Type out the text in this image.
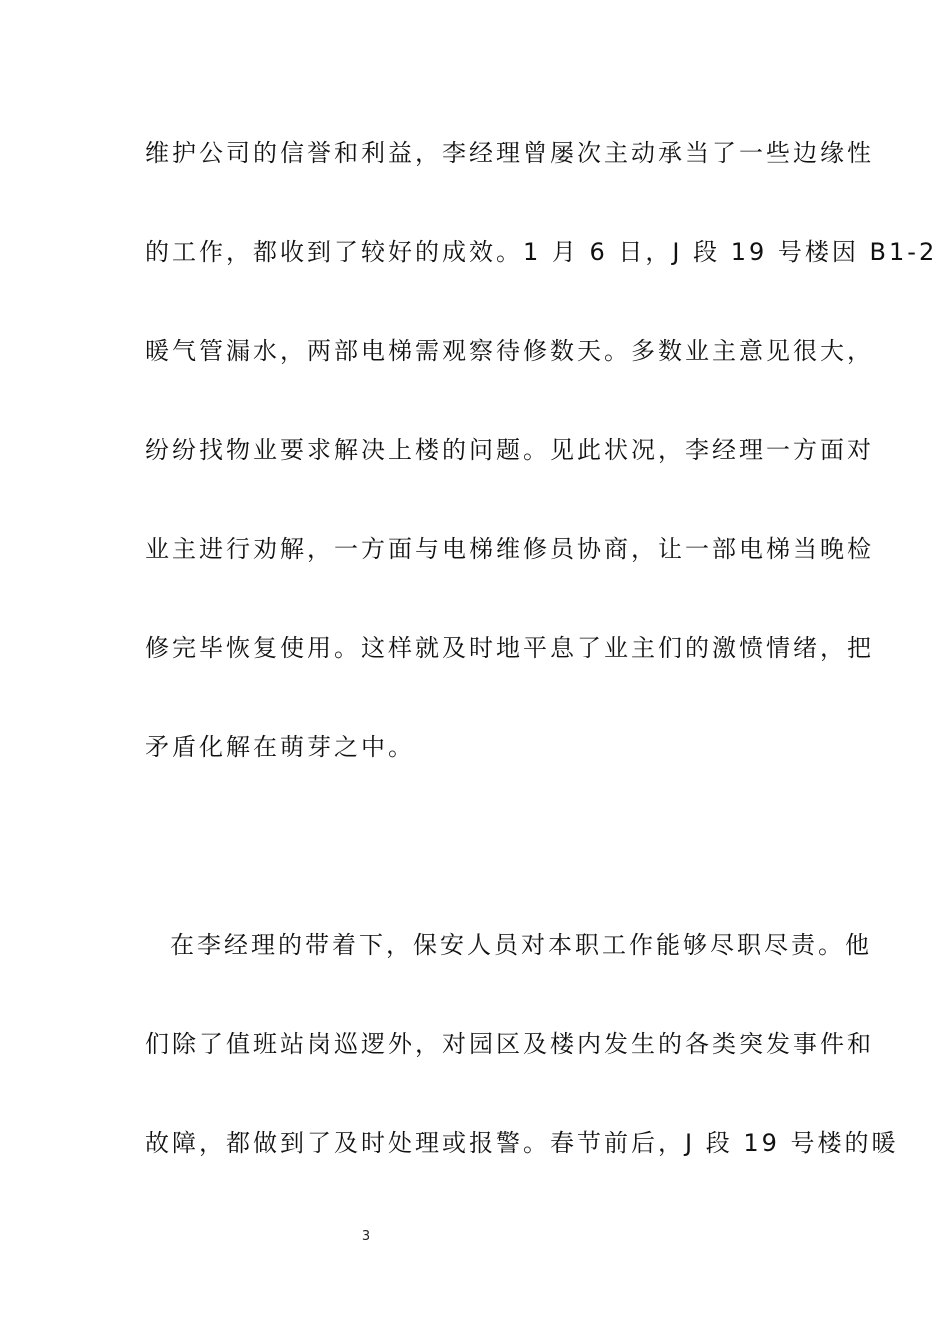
维护公司的信誉和利益，李经理曾屡次主动承当了一些边缘性
的工作，都收到了较好的成效。1 月 6 日，J 段 19 号楼因 B1-2
暖气管漏水，两部电梯需观察待修数天。多数业主意见很大，
纷纷找物业要求解决上楼的问题。见此状况，李经理一方面对
业主进行劝解，一方面与电梯维修员协商，让一部电梯当晚检
修完毕恢复使用。这样就及时地平息了业主们的激愤情绪，把
矛盾化解在萌芽之中。
在李经理的带着下，保安人员对本职工作能够尽职尽责。他
们除了值班站岗巡逻外，对园区及楼内发生的各类突发事件和
故障，都做到了及时处理或报警。春节前后，J 段 19 号楼的暖
3
